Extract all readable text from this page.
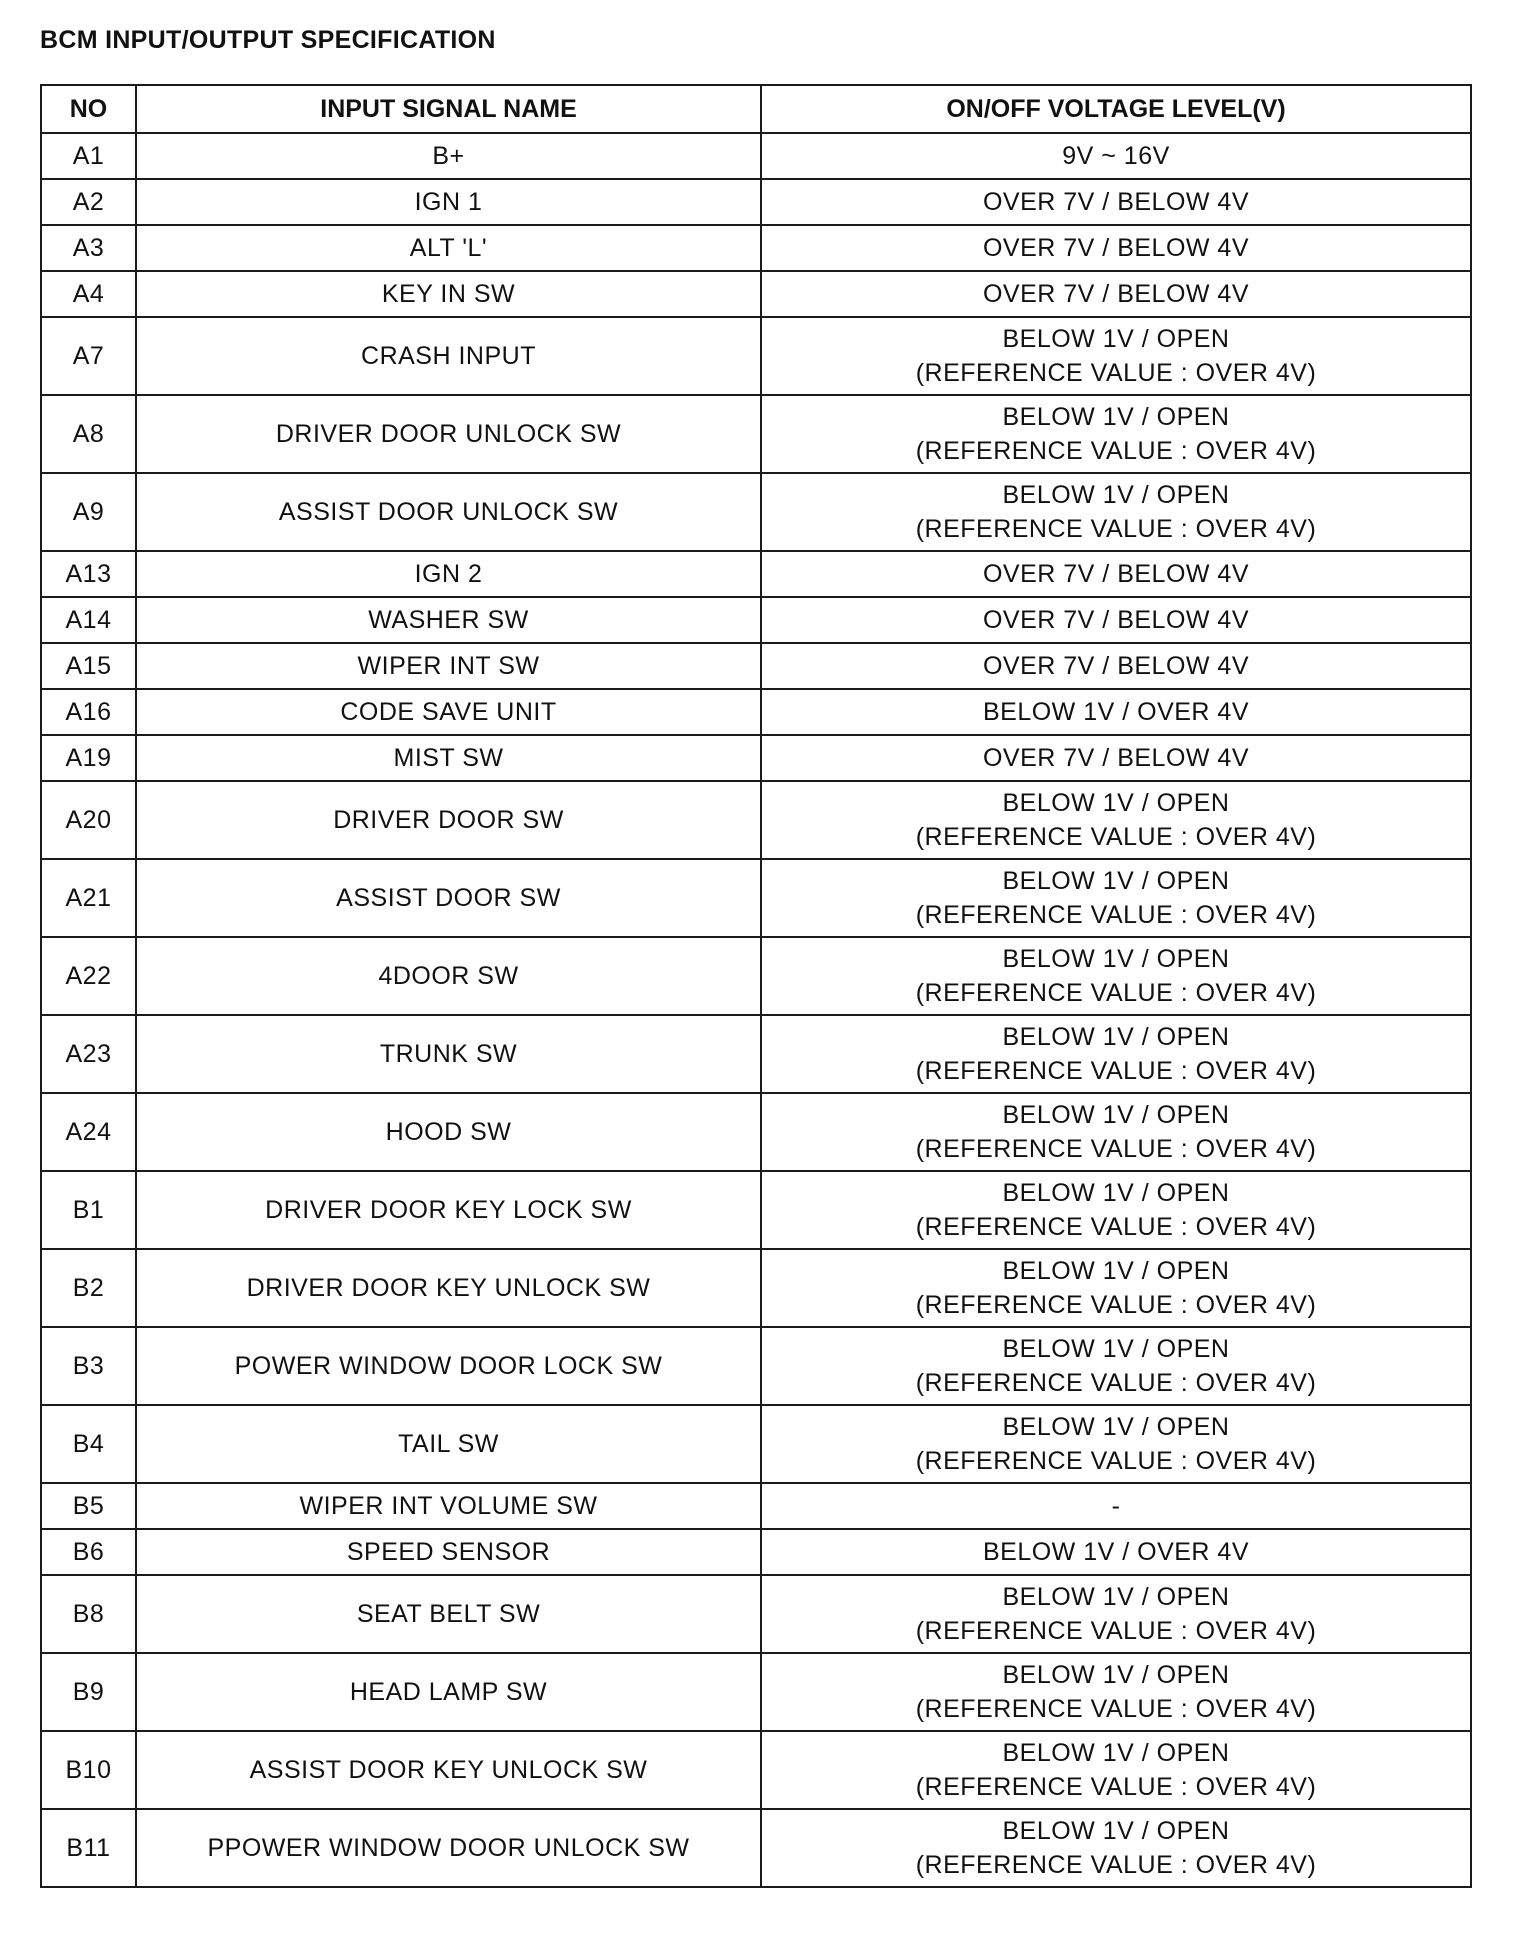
BCM INPUT/OUTPUT SPECIFICATION
NO	INPUT SIGNAL NAME	ON/OFF VOLTAGE LEVEL(V)
A1	B+	9V ~ 16V

A2	IGN 1	OVER 7V / BELOW 4V

A3	ALT 'L'	OVER 7V / BELOW 4V

A4	KEY IN SW	OVER 7V / BELOW 4V

A7	CRASH INPUT	BELOW 1V / OPEN
(REFERENCE VALUE : OVER 4V)

A8	DRIVER DOOR UNLOCK SW	BELOW 1V / OPEN
(REFERENCE VALUE : OVER 4V)

A9	ASSIST DOOR UNLOCK SW	BELOW 1V / OPEN
(REFERENCE VALUE : OVER 4V)

A13	IGN 2	OVER 7V / BELOW 4V

A14	WASHER SW	OVER 7V / BELOW 4V

A15	WIPER INT SW	OVER 7V / BELOW 4V

A16	CODE SAVE UNIT	BELOW 1V / OVER 4V

A19	MIST SW	OVER 7V / BELOW 4V

A20	DRIVER DOOR SW	BELOW 1V / OPEN
(REFERENCE VALUE : OVER 4V)

A21	ASSIST DOOR SW	BELOW 1V / OPEN
(REFERENCE VALUE : OVER 4V)

A22	4DOOR SW	BELOW 1V / OPEN
(REFERENCE VALUE : OVER 4V)

A23	TRUNK SW	BELOW 1V / OPEN
(REFERENCE VALUE : OVER 4V)

A24	HOOD SW	BELOW 1V / OPEN
(REFERENCE VALUE : OVER 4V)

B1	DRIVER DOOR KEY LOCK SW	BELOW 1V / OPEN
(REFERENCE VALUE : OVER 4V)

B2	DRIVER DOOR KEY UNLOCK SW	BELOW 1V / OPEN
(REFERENCE VALUE : OVER 4V)

B3	POWER WINDOW DOOR LOCK SW	BELOW 1V / OPEN
(REFERENCE VALUE : OVER 4V)

B4	TAIL SW	BELOW 1V / OPEN
(REFERENCE VALUE : OVER 4V)

B5	WIPER INT VOLUME SW	-

B6	SPEED SENSOR	BELOW 1V / OVER 4V

B8	SEAT BELT SW	BELOW 1V / OPEN
(REFERENCE VALUE : OVER 4V)

B9	HEAD LAMP SW	BELOW 1V / OPEN
(REFERENCE VALUE : OVER 4V)

B10	ASSIST DOOR KEY UNLOCK SW	BELOW 1V / OPEN
(REFERENCE VALUE : OVER 4V)

B11	PPOWER WINDOW DOOR UNLOCK SW	BELOW 1V / OPEN
(REFERENCE VALUE : OVER 4V)
